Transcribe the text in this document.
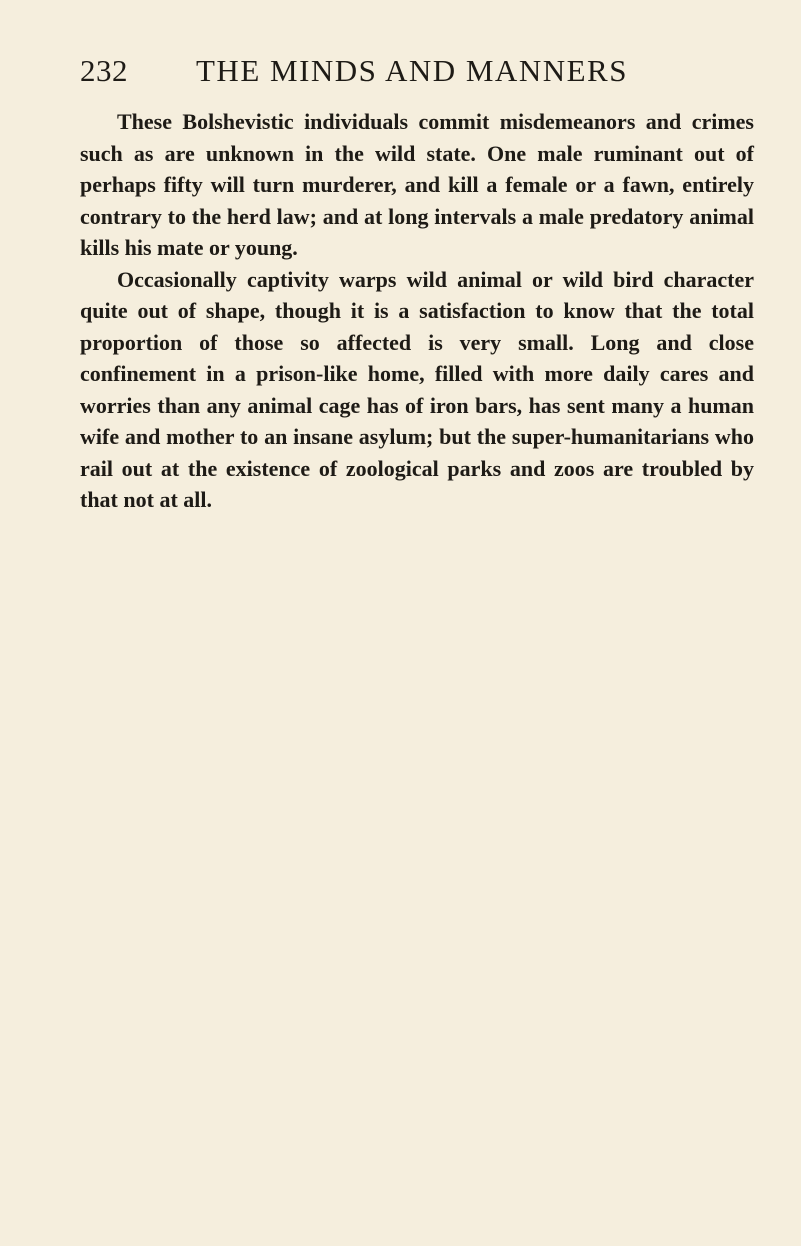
232 THE MINDS AND MANNERS

These Bolshevistic individuals commit misdemeanors and crimes such as are unknown in the wild state. One male ruminant out of perhaps fifty will turn murderer, and kill a female or a fawn, entirely contrary to the herd law; and at long intervals a male predatory animal kills his mate or young.

Occasionally captivity warps wild animal or wild bird character quite out of shape, though it is a satisfaction to know that the total proportion of those so affected is very small. Long and close confinement in a prison-like home, filled with more daily cares and worries than any animal cage has of iron bars, has sent many a human wife and mother to an insane asylum; but the super-humanitarians who rail out at the existence of zoological parks and zoos are troubled by that not at all.
